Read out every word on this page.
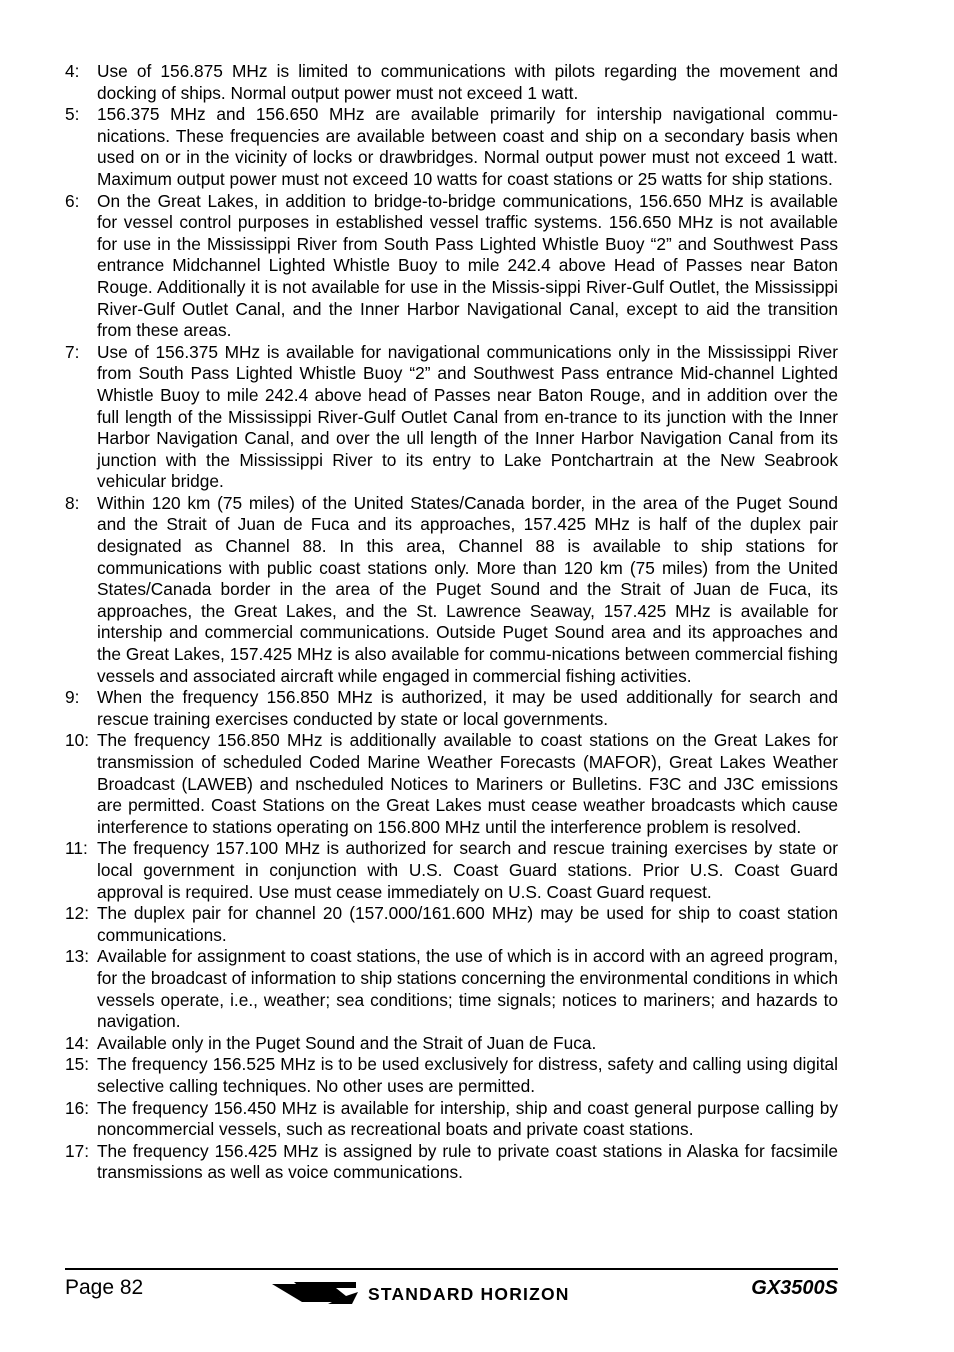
4:	Use of 156.875 MHz is limited to communications with pilots regarding the movement and docking of ships. Normal output power must not exceed 1 watt.
5:	156.375 MHz and 156.650 MHz are available primarily for intership navigational commu-nications. These frequencies are available between coast and ship on a secondary basis when used on or in the vicinity of locks or drawbridges. Normal output power must not exceed 1 watt. Maximum output power must not exceed 10 watts for coast stations or 25 watts for ship stations.
6:	On the Great Lakes, in addition to bridge-to-bridge communications, 156.650 MHz is available for vessel control purposes in established vessel traffic systems. 156.650 MHz is not available for use in the Mississippi River from South Pass Lighted Whistle Buoy “2” and Southwest Pass entrance Midchannel Lighted Whistle Buoy to mile 242.4 above Head of Passes near Baton Rouge. Additionally it is not available for use in the Missis-sippi River-Gulf Outlet, the Mississippi River-Gulf Outlet Canal, and the Inner Harbor Navigational Canal, except to aid the transition from these areas.
7:	Use of 156.375 MHz is available for navigational communications only in the Mississippi River from South Pass Lighted Whistle Buoy “2” and Southwest Pass entrance Mid-channel Lighted Whistle Buoy to mile 242.4 above head of Passes near Baton Rouge, and in addition over the full length of the Mississippi River-Gulf Outlet Canal from en-trance to its junction with the Inner Harbor Navigation Canal, and over the ull length of the Inner Harbor Navigation Canal from its junction with the Mississippi River to its entry to Lake Pontchartrain at the New Seabrook vehicular bridge.
8:	Within 120 km (75 miles) of the United States/Canada border, in the area of the Puget Sound and the Strait of Juan de Fuca and its approaches, 157.425 MHz is half of the duplex pair designated as Channel 88. In this area, Channel 88 is available to ship stations for communications with public coast stations only. More than 120 km (75 miles) from the United States/Canada border in the area of the Puget Sound and the Strait of Juan de Fuca, its approaches, the Great Lakes, and the St. Lawrence Seaway, 157.425 MHz is available for intership and commercial communications. Outside Puget Sound area and its approaches and the Great Lakes, 157.425 MHz is also available for commu-nications between commercial fishing vessels and associated aircraft while engaged in commercial fishing activities.
9:	When the frequency 156.850 MHz is authorized, it may be used additionally for search and rescue training exercises conducted by state or local governments.
10: The frequency 156.850 MHz is additionally available to coast stations on the Great Lakes for transmission of scheduled Coded Marine Weather Forecasts (MAFOR), Great Lakes Weather Broadcast (LAWEB) and nscheduled Notices to Mariners or Bulletins. F3C and J3C emissions are permitted. Coast Stations on the Great Lakes must cease weather broadcasts which cause interference to stations operating on 156.800 MHz until the interference problem is resolved.
11: The frequency 157.100 MHz is authorized for search and rescue training exercises by state or local government in conjunction with U.S. Coast Guard stations. Prior U.S. Coast Guard approval is required. Use must cease immediately on U.S. Coast Guard request.
12: The duplex pair for channel 20 (157.000/161.600 MHz) may be used for ship to coast station communications.
13: Available for assignment to coast stations, the use of which is in accord with an agreed program, for the broadcast of information to ship stations concerning the environmental conditions in which vessels operate, i.e., weather; sea conditions; time signals; notices to mariners; and hazards to navigation.
14: Available only in the Puget Sound and the Strait of Juan de Fuca.
15: The frequency 156.525 MHz is to be used exclusively for distress, safety and calling using digital selective calling techniques. No other uses are permitted.
16: The frequency 156.450 MHz is available for intership, ship and coast general purpose calling by noncommercial vessels, such as recreational boats and private coast stations.
17: The frequency 156.425 MHz is assigned by rule to private coast stations in Alaska for facsimile transmissions as well as voice communications.
Page 82	STANDARD HORIZON	GX3500S
